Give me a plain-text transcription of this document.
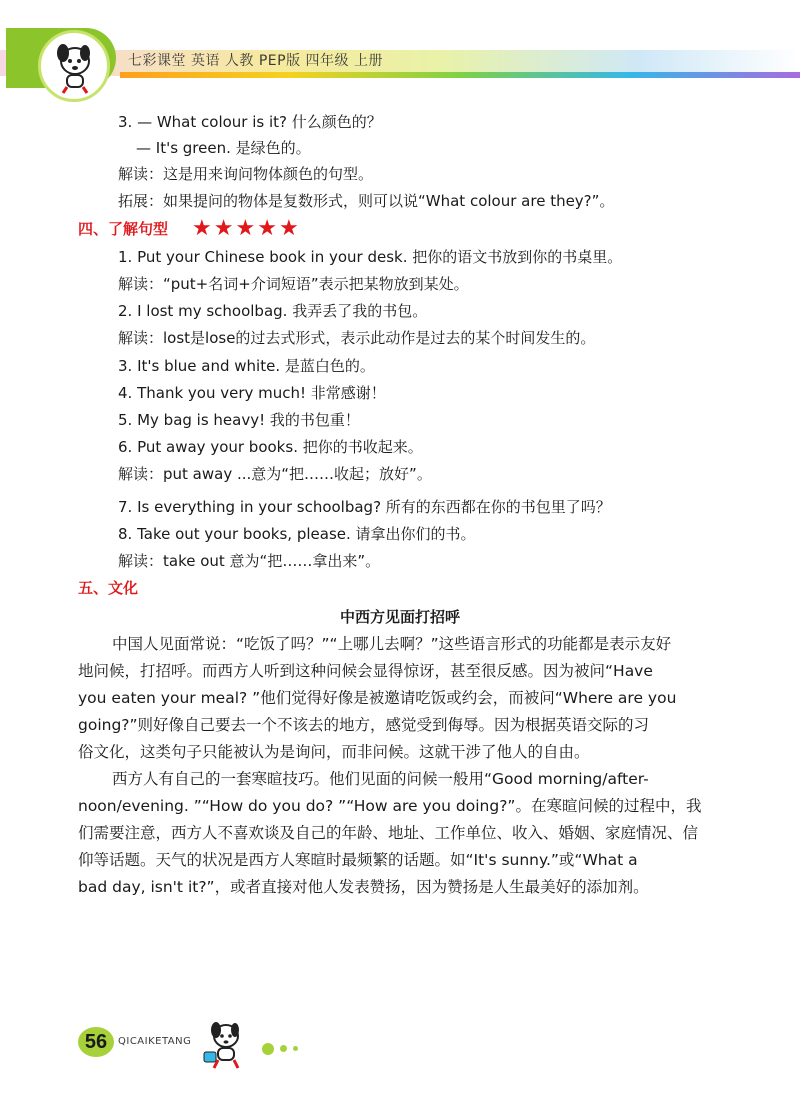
七彩课堂 英语 人教 PEP版 四年级 上册
3. — What colour is it? 什么颜色的？
— It's green. 是绿色的。
解读：这是用来询问物体颜色的句型。
拓展：如果提问的物体是复数形式，则可以说“What colour are they?”。
四、了解句型 ★★★★★
1. Put your Chinese book in your desk. 把你的语文书放到你的书桌里。
解读：“put+名词+介词短语”表示把某物放到某处。
2. I lost my schoolbag. 我弄丢了我的书包。
解读：lost是lose的过去式形式，表示此动作是过去的某个时间发生的。
3. It's blue and white. 是蓝白色的。
4. Thank you very much! 非常感谢！
5. My bag is heavy! 我的书包重！
6. Put away your books. 把你的书收起来。
解读：put away ...意为“把……收起；放好”。
7. Is everything in your schoolbag? 所有的东西都在你的书包里了吗？
8. Take out your books, please. 请拿出你们的书。
解读：take out 意为“把……拿出来”。
五、文化
中西方见面打招呼
中国人见面常说：“吃饭了吗？”“上哪儿去啊？”这些语言形式的功能都是表示友好
地问候，打招呼。而西方人听到这种问候会显得惊讶，甚至很反感。因为被问“Have
you eaten your meal? ”他们觉得好像是被邀请吃饭或约会，而被问“Where are you
going?”则好像自己要去一个不该去的地方，感觉受到侮辱。因为根据英语交际的习
俗文化，这类句子只能被认为是询问，而非问候。这就干涉了他人的自由。
西方人有自己的一套寒暄技巧。他们见面的问候一般用“Good morning/after-
noon/evening. ”“How do you do? ”“How are you doing?”。在寒暄问候的过程中，我
们需要注意，西方人不喜欢谈及自己的年龄、地址、工作单位、收入、婚姻、家庭情况、信
仰等话题。天气的状况是西方人寒暄时最频繁的话题。如“It's sunny.”或“What a
bad day, isn't it?”，或者直接对他人发表赞扬，因为赞扬是人生最美好的添加剂。
56	QICAIKETANG
